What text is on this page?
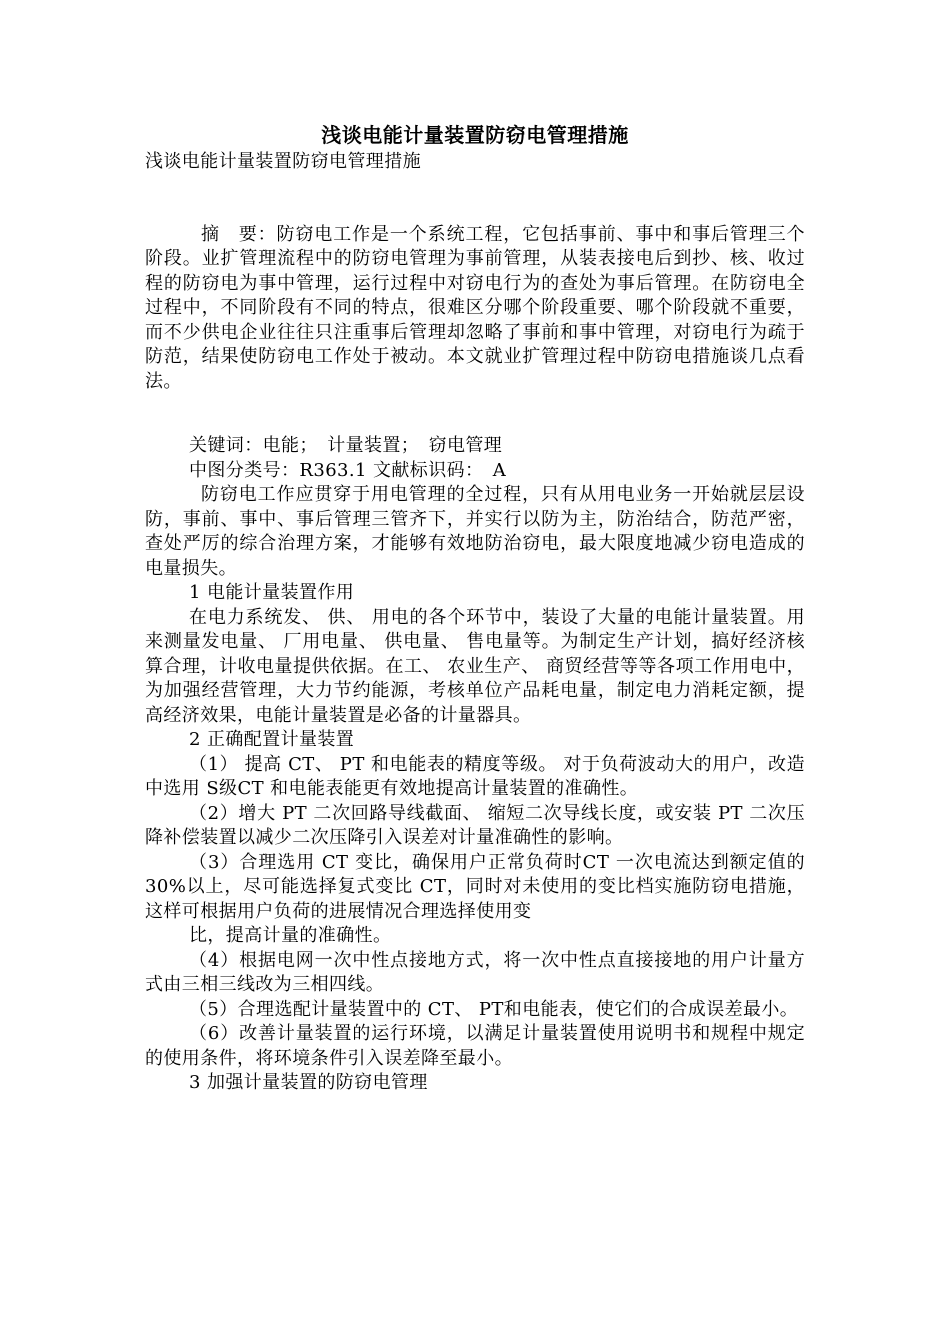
浅谈电能计量装置防窃电管理措施

浅谈电能计量装置防窃电管理措施

摘　要：防窃电工作是一个系统工程，它包括事前、事中和事后管理三个阶段。业扩管理流程中的防窃电管理为事前管理，从装表接电后到抄、核、收过程的防窃电为事中管理，运行过程中对窃电行为的查处为事后管理。在防窃电全过程中，不同阶段有不同的特点，很难区分哪个阶段重要、哪个阶段就不重要，而不少供电企业往往只注重事后管理却忽略了事前和事中管理，对窃电行为疏于防范，结果使防窃电工作处于被动。本文就业扩管理过程中防窃电措施谈几点看法。

关键词：电能；　计量装置；　窃电管理

中图分类号：R363.1 文献标识码：　A

防窃电工作应贯穿于用电管理的全过程，只有从用电业务一开始就层层设防，事前、事中、事后管理三管齐下，并实行以防为主，防治结合，防范严密，查处严厉的综合治理方案，才能够有效地防治窃电，最大限度地减少窃电造成的电量损失。

1 电能计量装置作用

在电力系统发、 供、 用电的各个环节中，装设了大量的电能计量装置。用来测量发电量、 厂用电量、 供电量、 售电量等。为制定生产计划，搞好经济核算合理，计收电量提供依据。在工、 农业生产、 商贸经营等等各项工作用电中，为加强经营管理，大力节约能源，考核单位产品耗电量，制定电力消耗定额，提高经济效果，电能计量装置是必备的计量器具。

2 正确配置计量装置

（1） 提高 CT、 PT 和电能表的精度等级。 对于负荷波动大的用户，改造中选用 S级CT 和电能表能更有效地提高计量装置的准确性。

（2）增大 PT 二次回路导线截面、 缩短二次导线长度，或安装 PT 二次压降补偿装置以减少二次压降引入误差对计量准确性的影响。

（3）合理选用 CT 变比，确保用户正常负荷时CT 一次电流达到额定值的 30%以上，尽可能选择复式变比 CT，同时对未使用的变比档实施防窃电措施，这样可根据用户负荷的进展情况合理选择使用变

比，提高计量的准确性。

（4）根据电网一次中性点接地方式，将一次中性点直接接地的用户计量方式由三相三线改为三相四线。

（5）合理选配计量装置中的 CT、 PT和电能表，使它们的合成误差最小。

（6）改善计量装置的运行环境，以满足计量装置使用说明书和规程中规定的使用条件，将环境条件引入误差降至最小。

3 加强计量装置的防窃电管理
